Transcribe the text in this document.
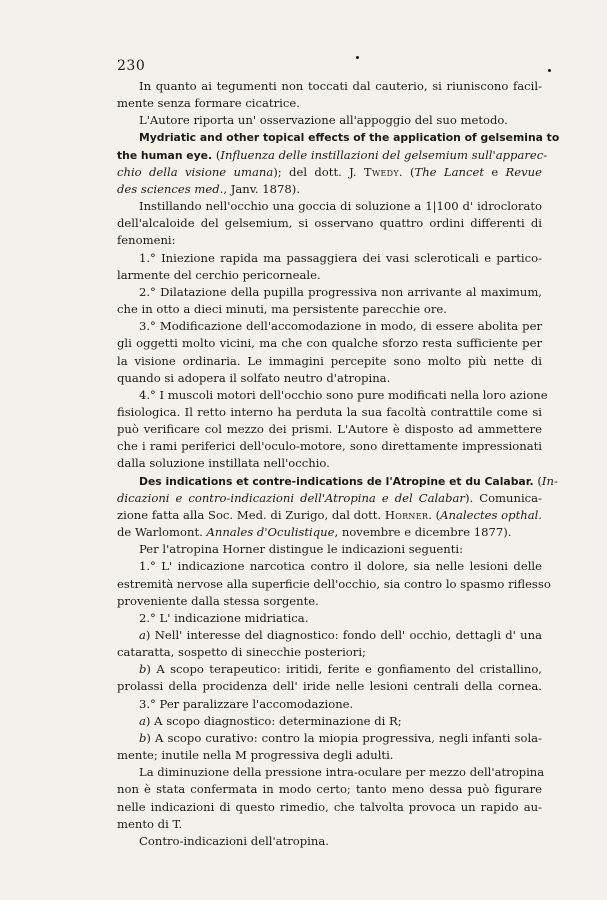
230
In quanto ai tegumenti non toccati dal cauterio, si riuniscono facil-
mente senza formare cicatrice.
L'Autore riporta un' osservazione all'appoggio del suo metodo.
Mydriatic and other topical effects of the application of gelsemina to
the human eye. (Influenza delle instillazioni del gelsemium sull'apparec-
chio della visione umana); del dott. J. Twedy. (The Lancet e Revue
des sciences med., Janv. 1878).
Instillando nell'occhio una goccia di soluzione a 1|100 d' idroclorato
dell'alcaloide del gelsemium, si osservano quattro ordini differenti di
fenomeni:
1.° Iniezione rapida ma passaggiera dei vasi scleroticali e partico-
larmente del cerchio pericorneale.
2.° Dilatazione della pupilla progressiva non arrivante al maximum,
che in otto a dieci minuti, ma persistente parecchie ore.
3.° Modificazione dell'accomodazione in modo, di essere abolita per
gli oggetti molto vicini, ma che con qualche sforzo resta sufficiente per
la visione ordinaria. Le immagini percepite sono molto più nette di
quando si adopera il solfato neutro d'atropina.
4.° I muscoli motori dell'occhio sono pure modificati nella loro azione
fisiologica. Il retto interno ha perduta la sua facoltà contrattile come si
può verificare col mezzo dei prismi. L'Autore è disposto ad ammettere
che i rami periferici dell'oculo-motore, sono direttamente impressionati
dalla soluzione instillata nell'occhio.
Des indications et contre-indications de l'Atropine et du Calabar. (In-
dicazioni e contro-indicazioni dell'Atropina e del Calabar). Comunica-
zione fatta alla Soc. Med. di Zurigo, dal dott. Horner. (Analectes opthal.
de Warlomont. Annales d'Oculistique, novembre e dicembre 1877).
Per l'atropina Horner distingue le indicazioni seguenti:
1.° L' indicazione narcotica contro il dolore, sia nelle lesioni delle
estremità nervose alla superficie dell'occhio, sia contro lo spasmo riflesso
proveniente dalla stessa sorgente.
2.° L' indicazione midriatica.
a) Nell' interesse del diagnostico: fondo dell' occhio, dettagli d' una
cataratta, sospetto di sinecchie posteriori;
b) A scopo terapeutico: iritidi, ferite e gonfiamento del cristallino,
prolassi della procidenza dell' iride nelle lesioni centrali della cornea.
3.° Per paralizzare l'accomodazione.
a) A scopo diagnostico: determinazione di R;
b) A scopo curativo: contro la miopia progressiva, negli infanti sola-
mente; inutile nella M progressiva degli adulti.
La diminuzione della pressione intra-oculare per mezzo dell'atropina
non è stata confermata in modo certo; tanto meno dessa può figurare
nelle indicazioni di questo rimedio, che talvolta provoca un rapido au-
mento di T.
Contro-indicazioni dell'atropina.
